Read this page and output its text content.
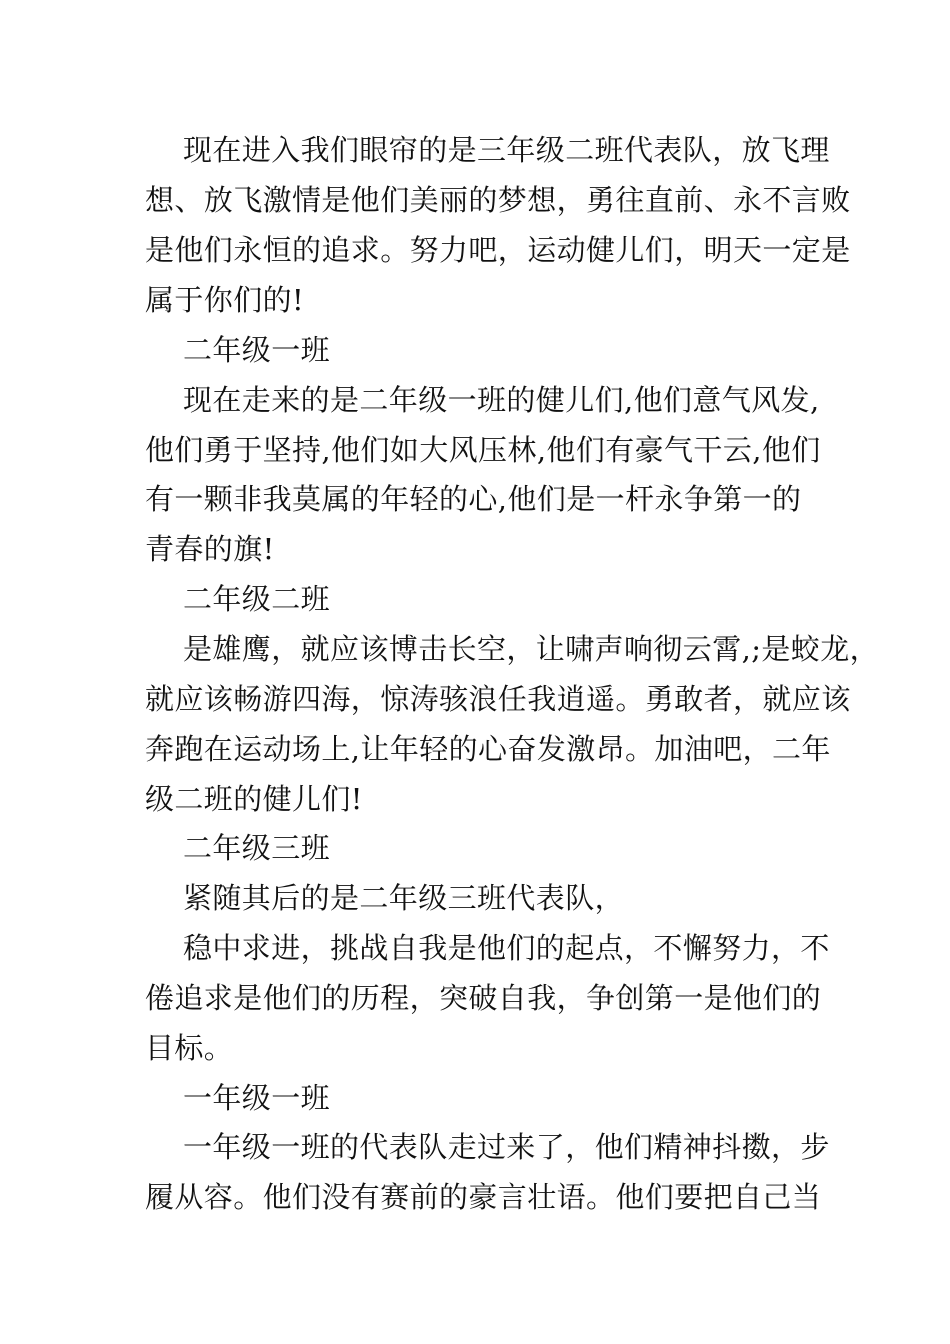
现在进入我们眼帘的是三年级二班代表队，放飞理
想、放飞激情是他们美丽的梦想，勇往直前、永不言败
是他们永恒的追求。努力吧，运动健儿们，明天一定是
属于你们的!
二年级一班
现在走来的是二年级一班的健儿们,他们意气风发,
他们勇于坚持,他们如大风压林,他们有豪气干云,他们
有一颗非我莫属的年轻的心,他们是一杆永争第一的
青春的旗!
二年级二班
是雄鹰，就应该博击长空，让啸声响彻云霄,;是蛟龙，
就应该畅游四海，惊涛骇浪任我逍遥。勇敢者，就应该
奔跑在运动场上,让年轻的心奋发激昂。加油吧，二年
级二班的健儿们!
二年级三班
紧随其后的是二年级三班代表队，
稳中求进，挑战自我是他们的起点，不懈努力，不
倦追求是他们的历程，突破自我，争创第一是他们的
目标。
一年级一班
一年级一班的代表队走过来了，他们精神抖擞，步
履从容。他们没有赛前的豪言壮语。他们要把自己当
